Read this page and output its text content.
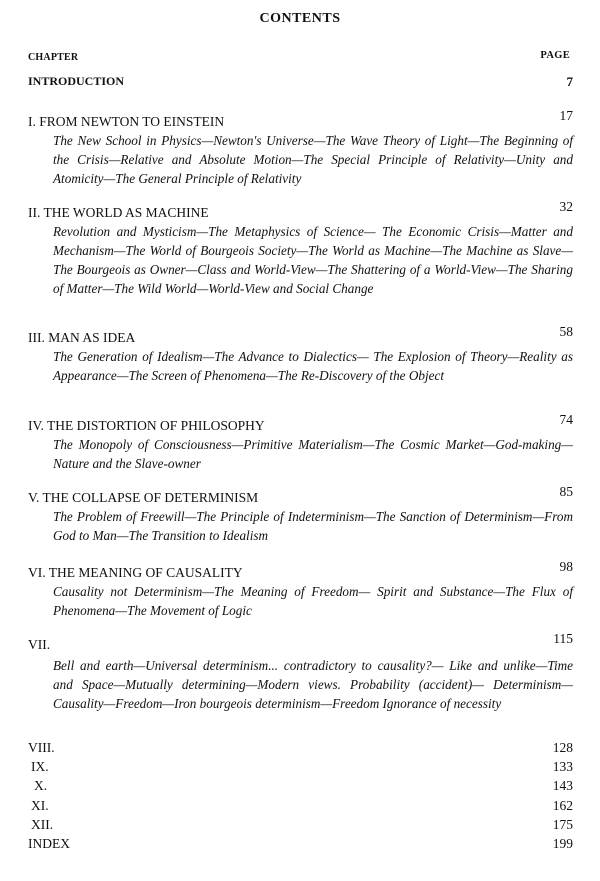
CONTENTS
CHAPTER	PAGE
INTRODUCTION	7
I. FROM NEWTON TO EINSTEIN	17

The New School in Physics—Newton's Universe—The Wave Theory of Light—The Beginning of the Crisis—Relative and Absolute Motion—The Special Principle of Relativity—Unity and Atomicity—The General Principle of Relativity

II. THE WORLD AS MACHINE	32

Revolution and Mysticism—The Metaphysics of Science— The Economic Crisis—Matter and Mechanism—The World of Bourgeois Society—The World as Machine—The Machine as Slave—The Bourgeois as Owner—Class and World-View—The Shattering of a World-View—The Sharing of Matter—The Wild World—World-View and Social Change

III. MAN AS IDEA	58

The Generation of Idealism—The Advance to Dialectics— The Explosion of Theory—Reality as Appearance—The Screen of Phenomena—The Re-Discovery of the Object

IV. THE DISTORTION OF PHILOSOPHY	74

The Monopoly of Consciousness—Primitive Materialism—The Cosmic Market—God-making—Nature and the Slave-owner

V. THE COLLAPSE OF DETERMINISM	85

The Problem of Freewill—The Principle of Indeterminism—The Sanction of Determinism—From God to Man—The Transition to Idealism

VI. THE MEANING OF CAUSALITY	98

Causality not Determinism—The Meaning of Freedom— Spirit and Substance—The Flux of Phenomena—The Movement of Logic

VII.	115

Bell and earth—Universal determinism... contradictory to causality?— Like and unlike—Time and Space—Mutually determining—Modern views. Probability (accident)— Determinism—Causality—Freedom—Iron bourgeois determinism—Freedom Ignorance of necessity

VIII.	128
IX.	133
X.	143
XI.	162
XII.	175
INDEX	199
